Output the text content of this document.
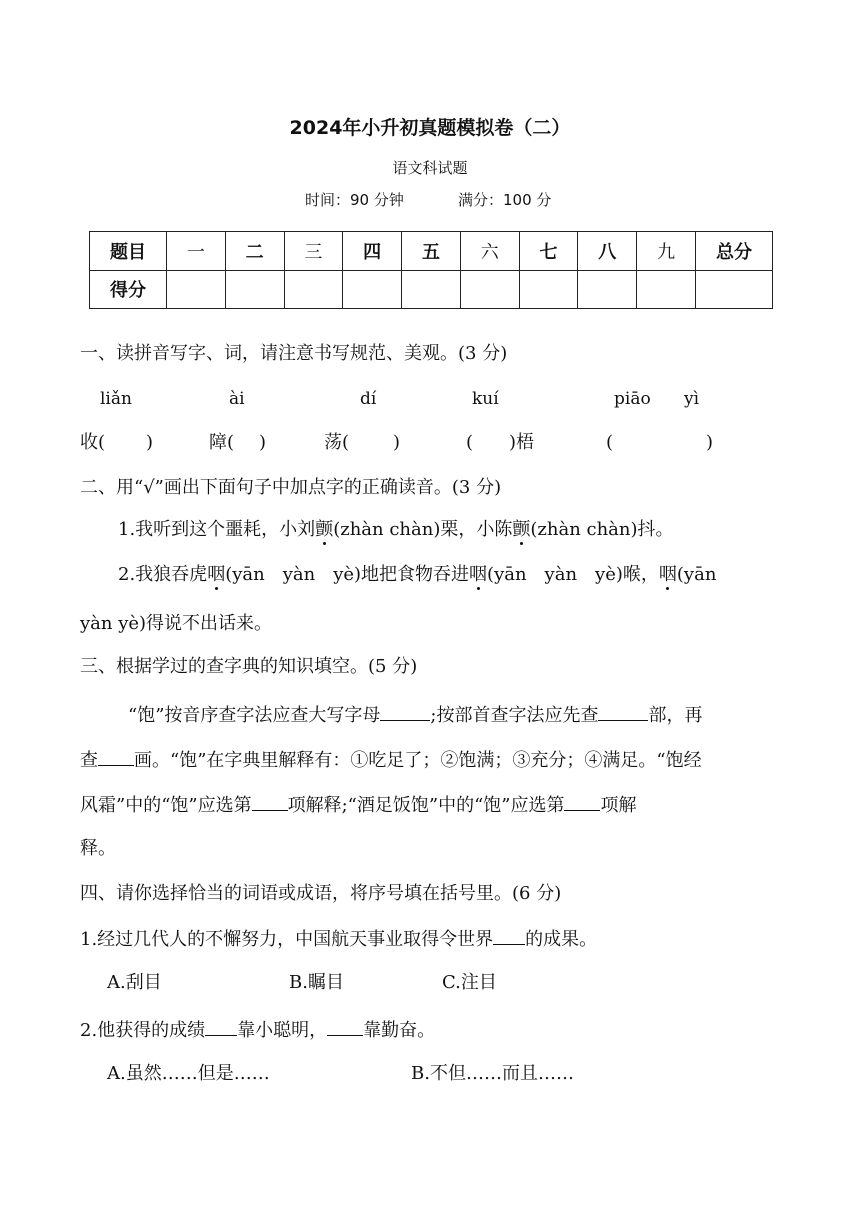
2024年小升初真题模拟卷（二）
语文科试题
时间：90 分钟	满分：100 分
题目	一	二	三	四	五	六	七	八	九	总分
得分										
一、读拼音写字、词，请注意书写规范、美观。(3 分)
liǎn	ài	dí	kuí	piāo yì
收( )	障( )	荡( )	( )梧	(	)
二、用“√”画出下面句子中加点字的正确读音。(3 分)
1.我听到这个噩耗，小刘颤(zhàn chàn)栗，小陈颤(zhàn chàn)抖。
2.我狼吞虎咽(yān　yàn　yè)地把食物吞进咽(yān　yàn　yè)喉，咽(yān
yàn yè)得说不出话来。
三、根据学过的查字典的知识填空。(5 分)
“饱”按音序查字法应查大写字母	;按部首查字法应先查	部，再
查 画。“饱”在字典里解释有：①吃足了；②饱满；③充分；④满足。“饱经
风霜”中的“饱”应选第 项解释;“酒足饭饱”中的“饱”应选第 项解
释。
四、请你选择恰当的词语或成语，将序号填在括号里。(6 分)
1.经过几代人的不懈努力，中国航天事业取得令世界 的成果。
A.刮目	B.瞩目	C.注目
2.他获得的成绩 靠小聪明， 靠勤奋。
A.虽然……但是……	B.不但……而且……
